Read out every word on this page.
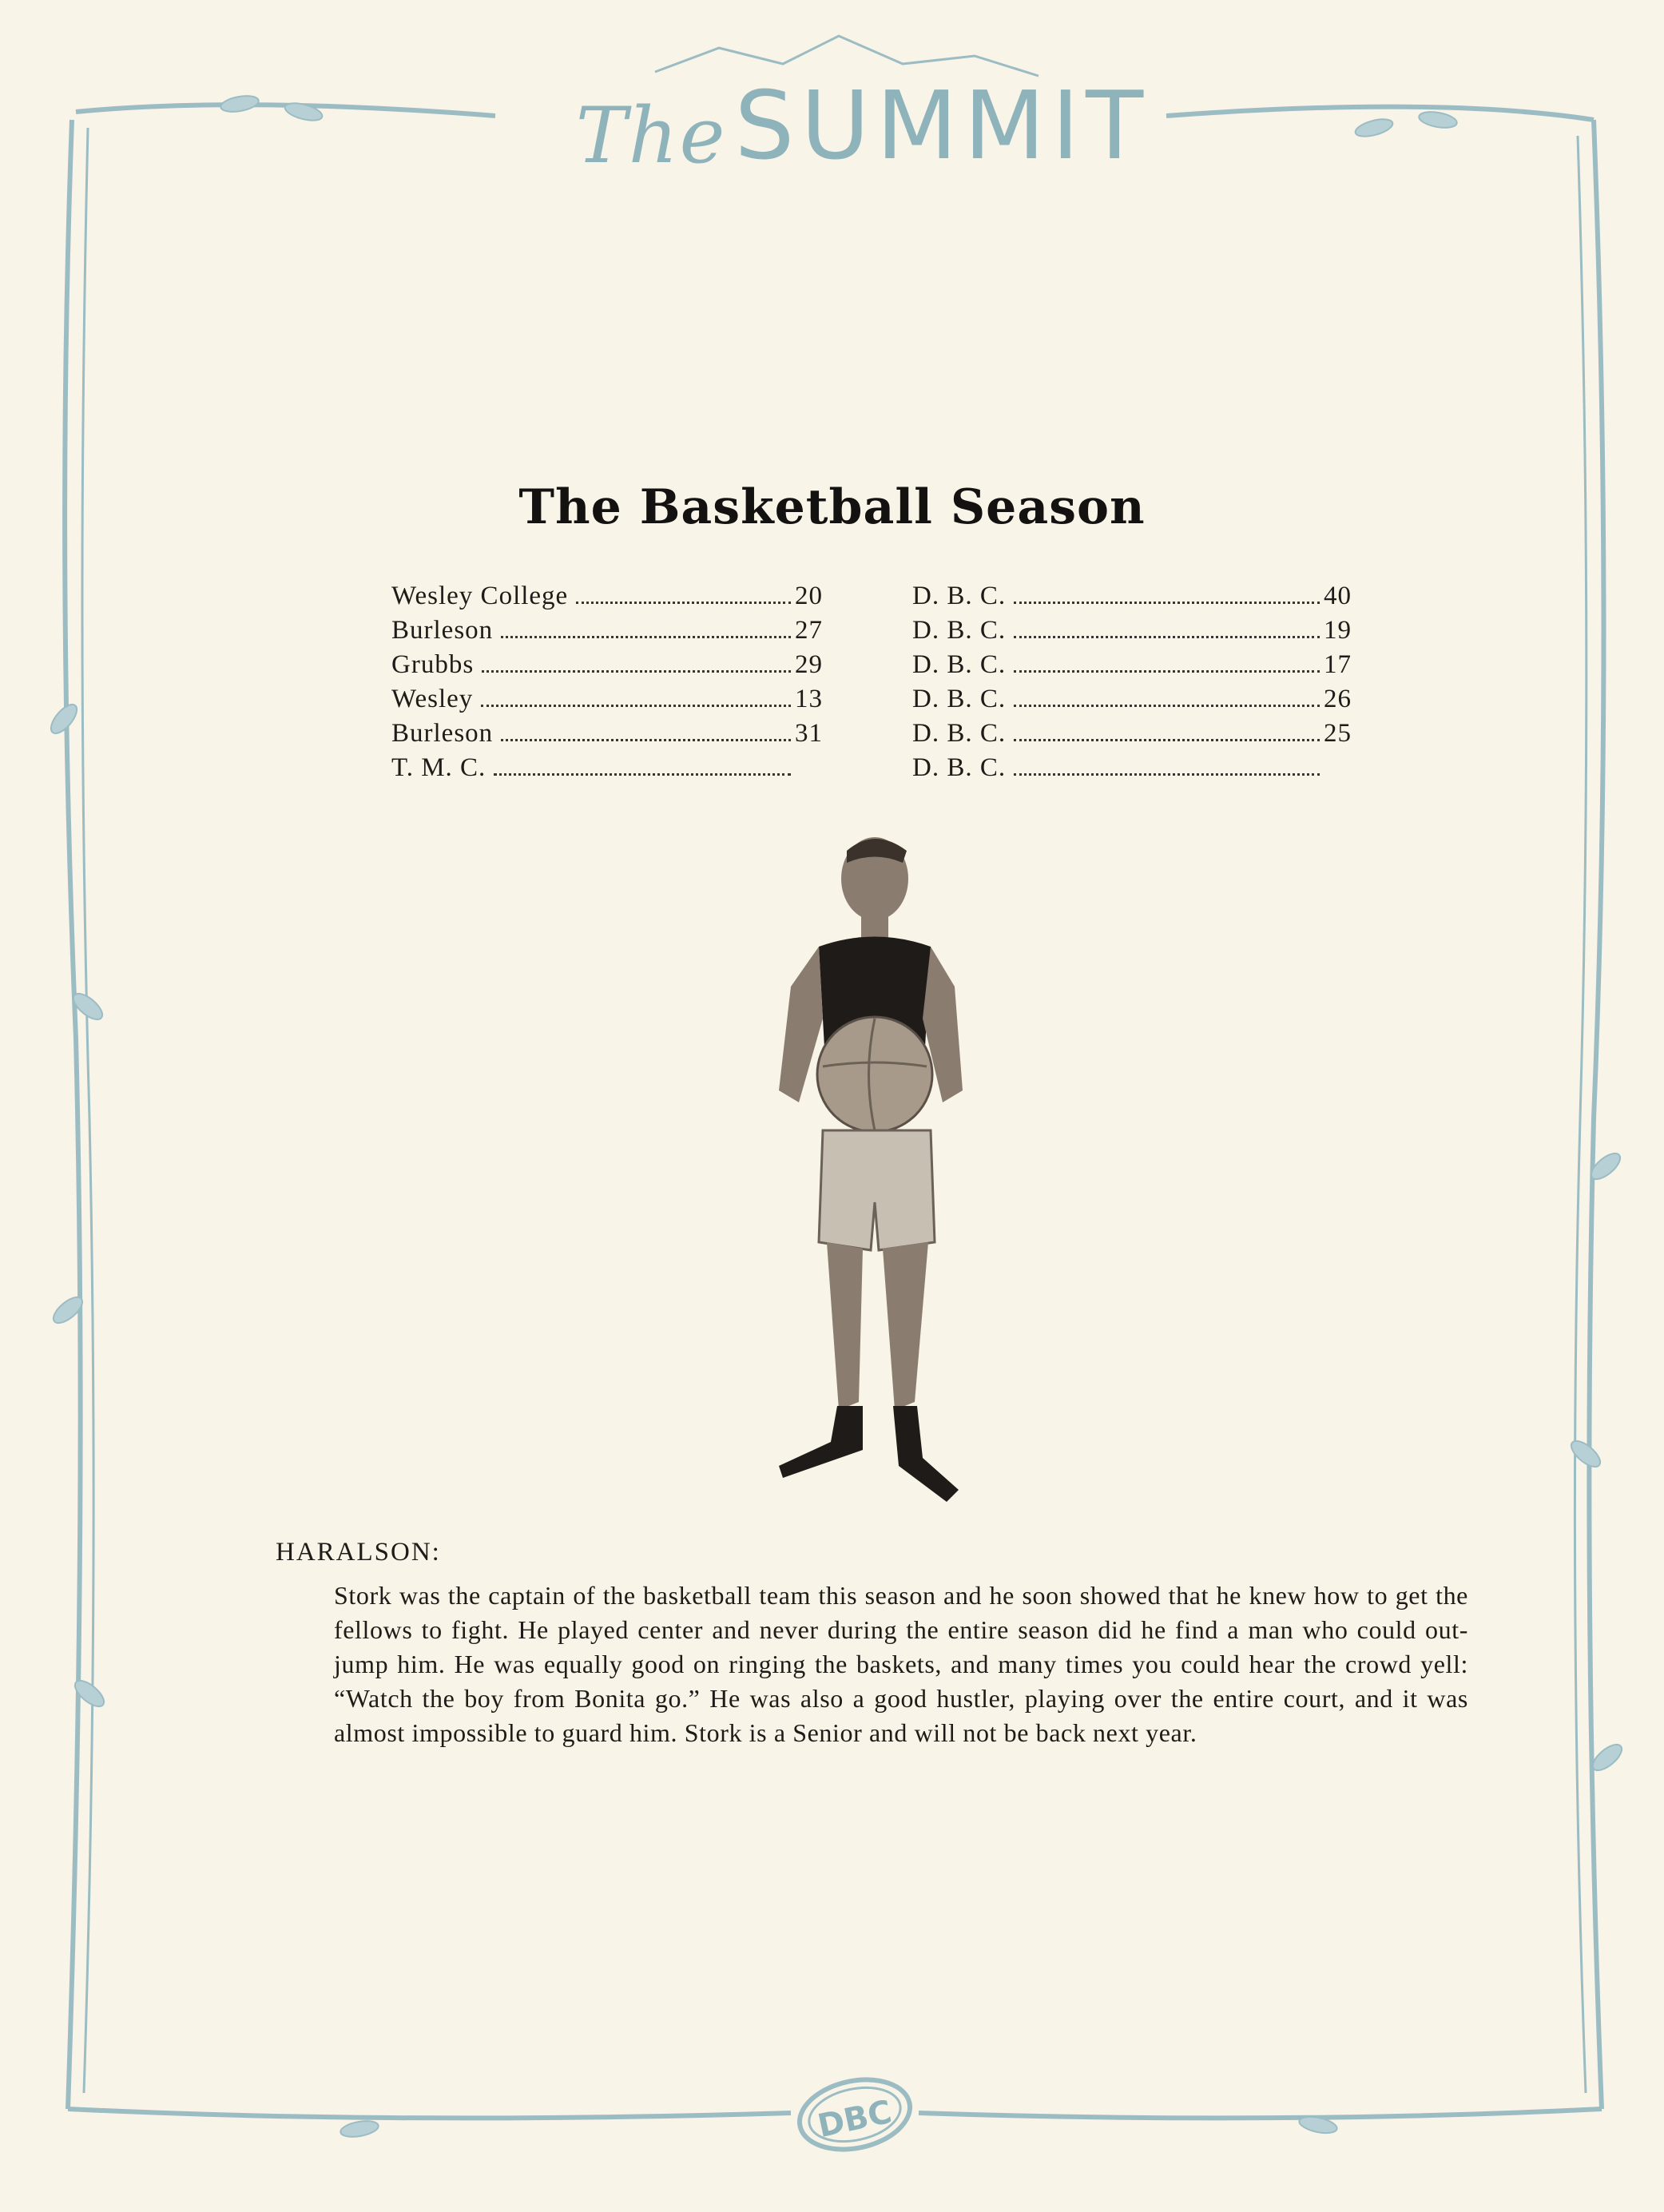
TheSUMMIT
The Basketball Season
Wesley College	20
Burleson	27
Grubbs	29
Wesley	13
Burleson	31
T. M. C.
D. B. C.	40
D. B. C.	19
D. B. C.	17
D. B. C.	26
D. B. C.	25
D. B. C.
HARALSON:
Stork was the captain of the basketball team this season and he soon showed that he knew how to get the fellows to fight. He played center and never during the entire season did he find a man who could out-jump him. He was equally good on ringing the baskets, and many times you could hear the crowd yell: “Watch the boy from Bonita go.” He was also a good hustler, playing over the entire court, and it was almost impossible to guard him. Stork is a Senior and will not be back next year.
DBC
